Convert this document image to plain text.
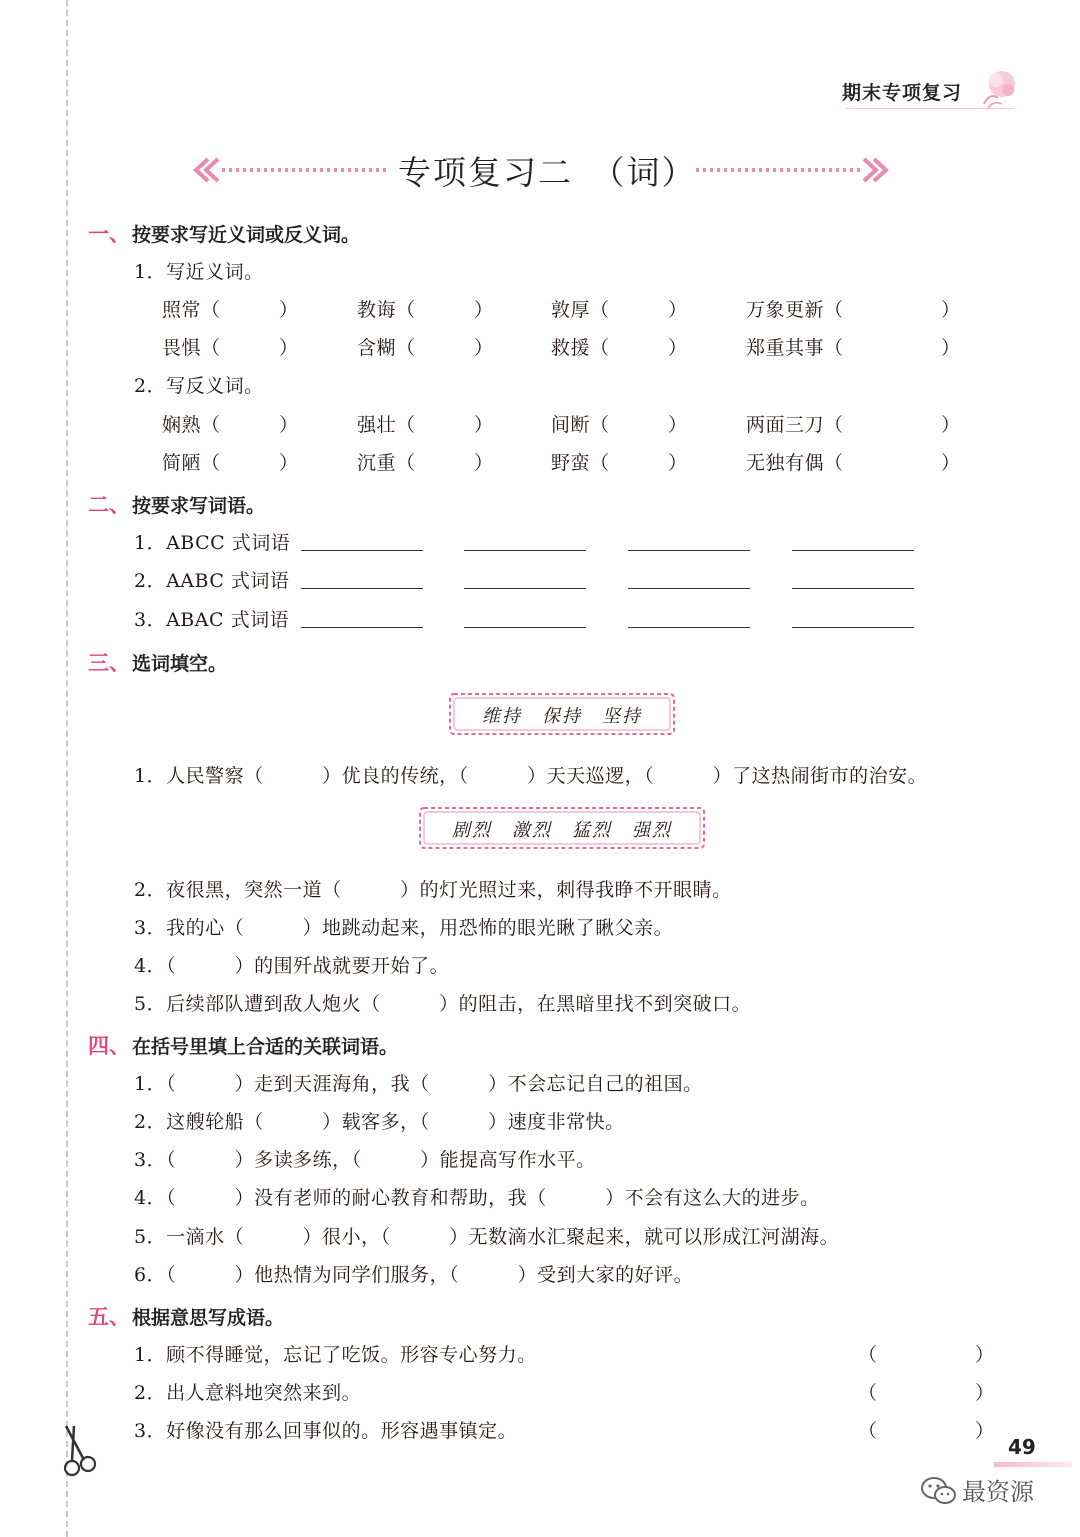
期末专项复习
专项复习二　（词）
一、 按要求写近义词或反义词。
1．写近义词。
照常（　　　）	教诲（　　　）	敦厚（　　　）	万象更新（　　　　　）
畏惧（　　　）	含糊（　　　）	救援（　　　）	郑重其事（　　　　　）
2．写反义词。
娴熟（　　　）	强壮（　　　）	间断（　　　）	两面三刀（　　　　　）
简陋（　　　）	沉重（　　　）	野蛮（　　　）	无独有偶（　　　　　）
二、 按要求写词语。
1．ABCC 式词语
2．AABC 式词语
3．ABAC 式词语
三、 选词填空。
维持　保持　坚持
1．人民警察（　　　）优良的传统，（　　　）天天巡逻，（　　　）了这热闹街市的治安。
剧烈　激烈　猛烈　强烈
2．夜很黑，突然一道（　　　）的灯光照过来，刺得我睁不开眼睛。
3．我的心（　　　）地跳动起来，用恐怖的眼光瞅了瞅父亲。
4．（　　　）的围歼战就要开始了。
5．后续部队遭到敌人炮火（　　　）的阻击，在黑暗里找不到突破口。
四、 在括号里填上合适的关联词语。
1．（　　　）走到天涯海角，我（　　　）不会忘记自己的祖国。
2．这艘轮船（　　　）载客多，（　　　）速度非常快。
3．（　　　）多读多练，（　　　）能提高写作水平。
4．（　　　）没有老师的耐心教育和帮助，我（　　　）不会有这么大的进步。
5．一滴水（　　　）很小，（　　　）无数滴水汇聚起来，就可以形成江河湖海。
6．（　　　）他热情为同学们服务，（　　　）受到大家的好评。
五、 根据意思写成语。
1．顾不得睡觉，忘记了吃饭。形容专心努力。	（　　　　　）
2．出人意料地突然来到。	（　　　　　）
3．好像没有那么回事似的。形容遇事镇定。	（　　　　　）
49
最资源
